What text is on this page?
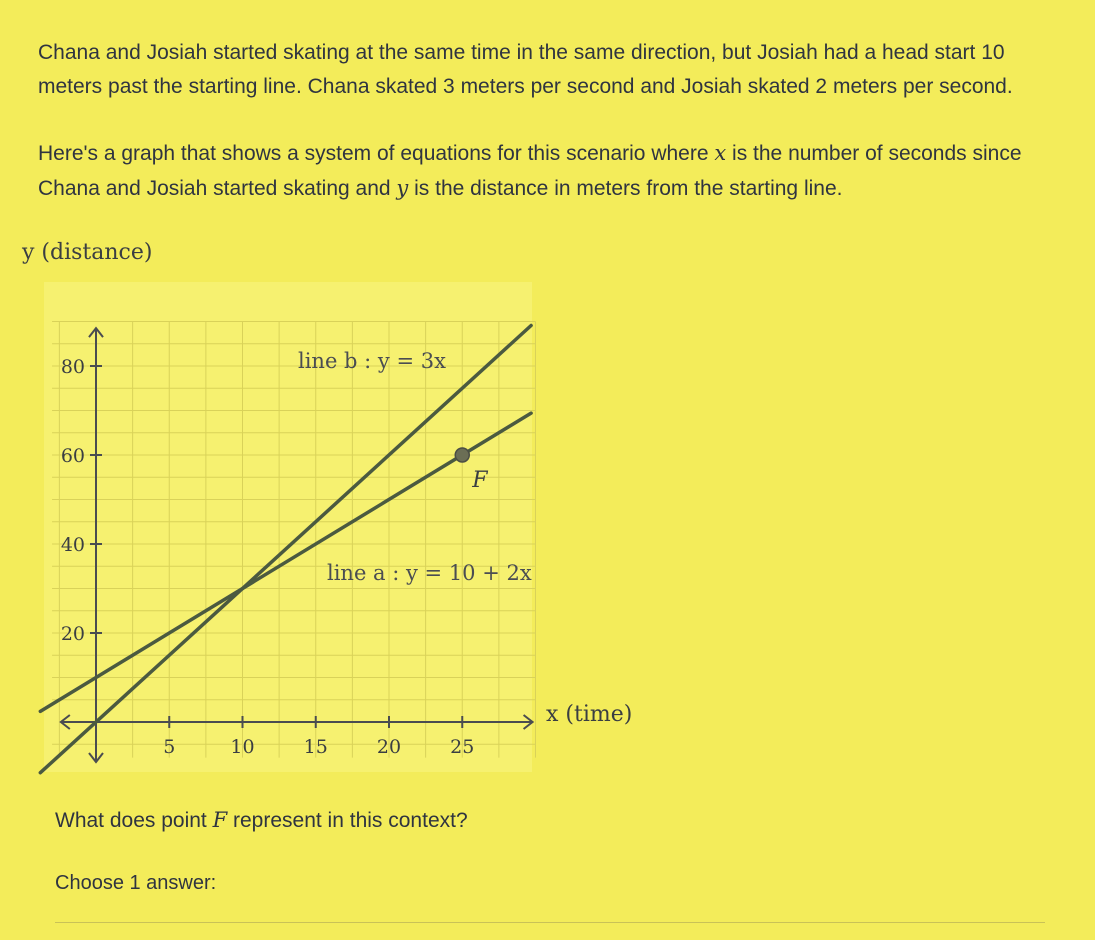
Chana and Josiah started skating at the same time in the same direction, but Josiah had a head start 10 meters past the starting line. Chana skated 3 meters per second and Josiah skated 2 meters per second.

Here's a graph that shows a system of equations for this scenario where x is the number of seconds since Chana and Josiah started skating and y is the distance in meters from the starting line.

y (distance)
x (time)
5	10	15	20	25
20
40
60
80	line b : y = 3x
line a : y = 10 + 2x
F

What does point F represent in this context?

Choose 1 answer:
